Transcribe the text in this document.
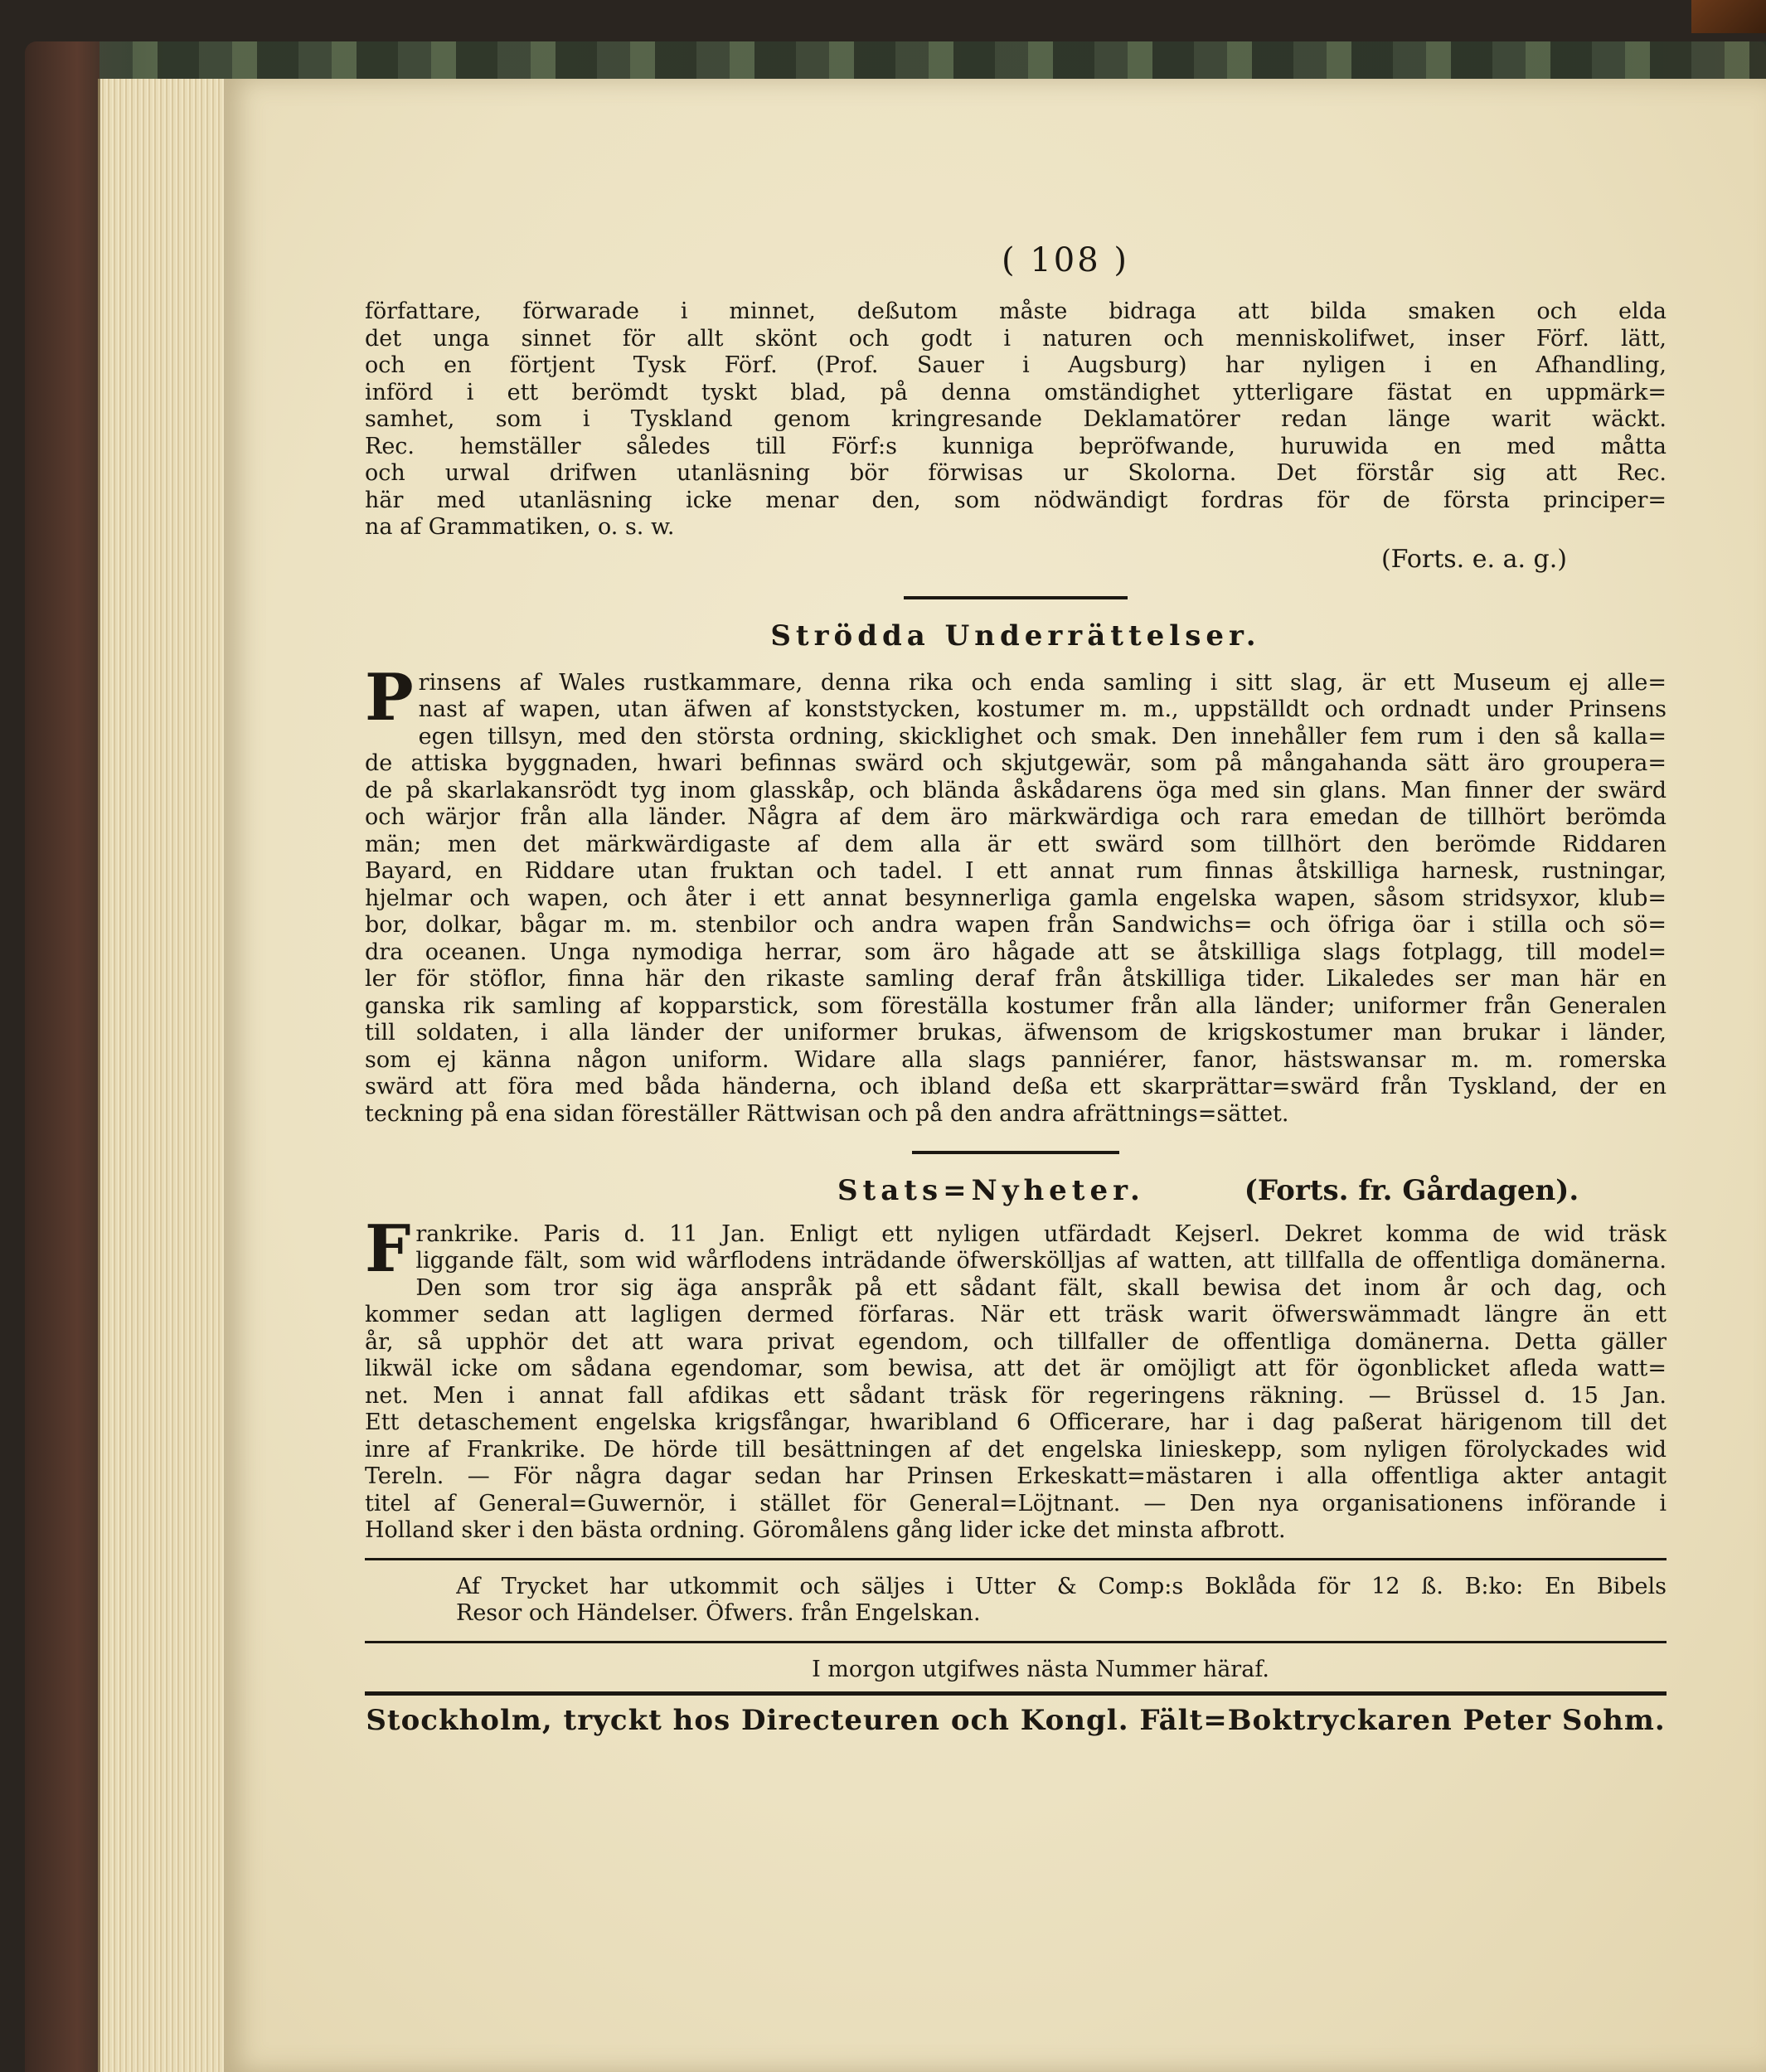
( 108 )
författare, förwarade i minnet, deßutom måste bidraga att bilda smaken och elda
det unga sinnet för allt skönt och godt i naturen och menniskolifwet, inser Förf. lätt,
och en förtjent Tysk Förf. (Prof. Sauer i Augsburg) har nyligen i en Afhandling,
införd i ett berömdt tyskt blad, på denna omständighet ytterligare fästat en uppmärk=
samhet, som i Tyskland genom kringresande Deklamatörer redan länge warit wäckt.
Rec. hemställer således till Förf:s kunniga bepröfwande, huruwida en med måtta
och urwal drifwen utanläsning bör förwisas ur Skolorna. Det förstår sig att Rec.
här med utanläsning icke menar den, som nödwändigt fordras för de första principer=
na af Grammatiken, o. s. w.
(Forts. e. a. g.)
Strödda Underrättelser.
P rinsens af Wales rustkammare, denna rika och enda samling i sitt slag, är ett Museum ej alle=
nast af wapen, utan äfwen af konststycken, kostumer m. m., uppställdt och ordnadt under Prinsens
egen tillsyn, med den största ordning, skicklighet och smak. Den innehåller fem rum i den så kalla=
de attiska byggnaden, hwari befinnas swärd och skjutgewär, som på mångahanda sätt äro groupera=
de på skarlakansrödt tyg inom glasskåp, och blända åskådarens öga med sin glans. Man finner der swärd
och wärjor från alla länder. Några af dem äro märkwärdiga och rara emedan de tillhört berömda
män; men det märkwärdigaste af dem alla är ett swärd som tillhört den berömde Riddaren
Bayard, en Riddare utan fruktan och tadel. I ett annat rum finnas åtskilliga harnesk, rustningar,
hjelmar och wapen, och åter i ett annat besynnerliga gamla engelska wapen, såsom stridsyxor, klub=
bor, dolkar, bågar m. m. stenbilor och andra wapen från Sandwichs= och öfriga öar i stilla och sö=
dra oceanen. Unga nymodiga herrar, som äro hågade att se åtskilliga slags fotplagg, till model=
ler för stöflor, finna här den rikaste samling deraf från åtskilliga tider. Likaledes ser man här en
ganska rik samling af kopparstick, som föreställa kostumer från alla länder; uniformer från Generalen
till soldaten, i alla länder der uniformer brukas, äfwensom de krigskostumer man brukar i länder,
som ej känna någon uniform. Widare alla slags panniérer, fanor, hästswansar m. m. romerska
swärd att föra med båda händerna, och ibland deßa ett skarprättar=swärd från Tyskland, der en
teckning på ena sidan föreställer Rättwisan och på den andra afrättnings=sättet.
Stats=Nyheter.	(Forts. fr. Gårdagen).
F rankrike. Paris d. 11 Jan. Enligt ett nyligen utfärdadt Kejserl. Dekret komma de wid träsk
liggande fält, som wid wårflodens inträdande öfwerskölljas af watten, att tillfalla de offentliga domänerna.
Den som tror sig äga anspråk på ett sådant fält, skall bewisa det inom år och dag, och
kommer sedan att lagligen dermed förfaras. När ett träsk warit öfwerswämmadt längre än ett
år, så upphör det att wara privat egendom, och tillfaller de offentliga domänerna. Detta gäller
likwäl icke om sådana egendomar, som bewisa, att det är omöjligt att för ögonblicket afleda watt=
net. Men i annat fall afdikas ett sådant träsk för regeringens räkning. — Brüssel d. 15 Jan.
Ett detaschement engelska krigsfångar, hwaribland 6 Officerare, har i dag paßerat härigenom till det
inre af Frankrike. De hörde till besättningen af det engelska linieskepp, som nyligen förolyckades wid
Tereln. — För några dagar sedan har Prinsen Erkeskatt=mästaren i alla offentliga akter antagit
titel af General=Guwernör, i stället för General=Löjtnant. — Den nya organisationens införande i
Holland sker i den bästa ordning. Göromålens gång lider icke det minsta afbrott.
Af Trycket har utkommit och säljes i Utter & Comp:s Boklåda för 12 ß. B:ko: En Bibels
Resor och Händelser. Öfwers. från Engelskan.
I morgon utgifwes nästa Nummer häraf.
Stockholm, tryckt hos Directeuren och Kongl. Fält=Boktryckaren Peter Sohm.
